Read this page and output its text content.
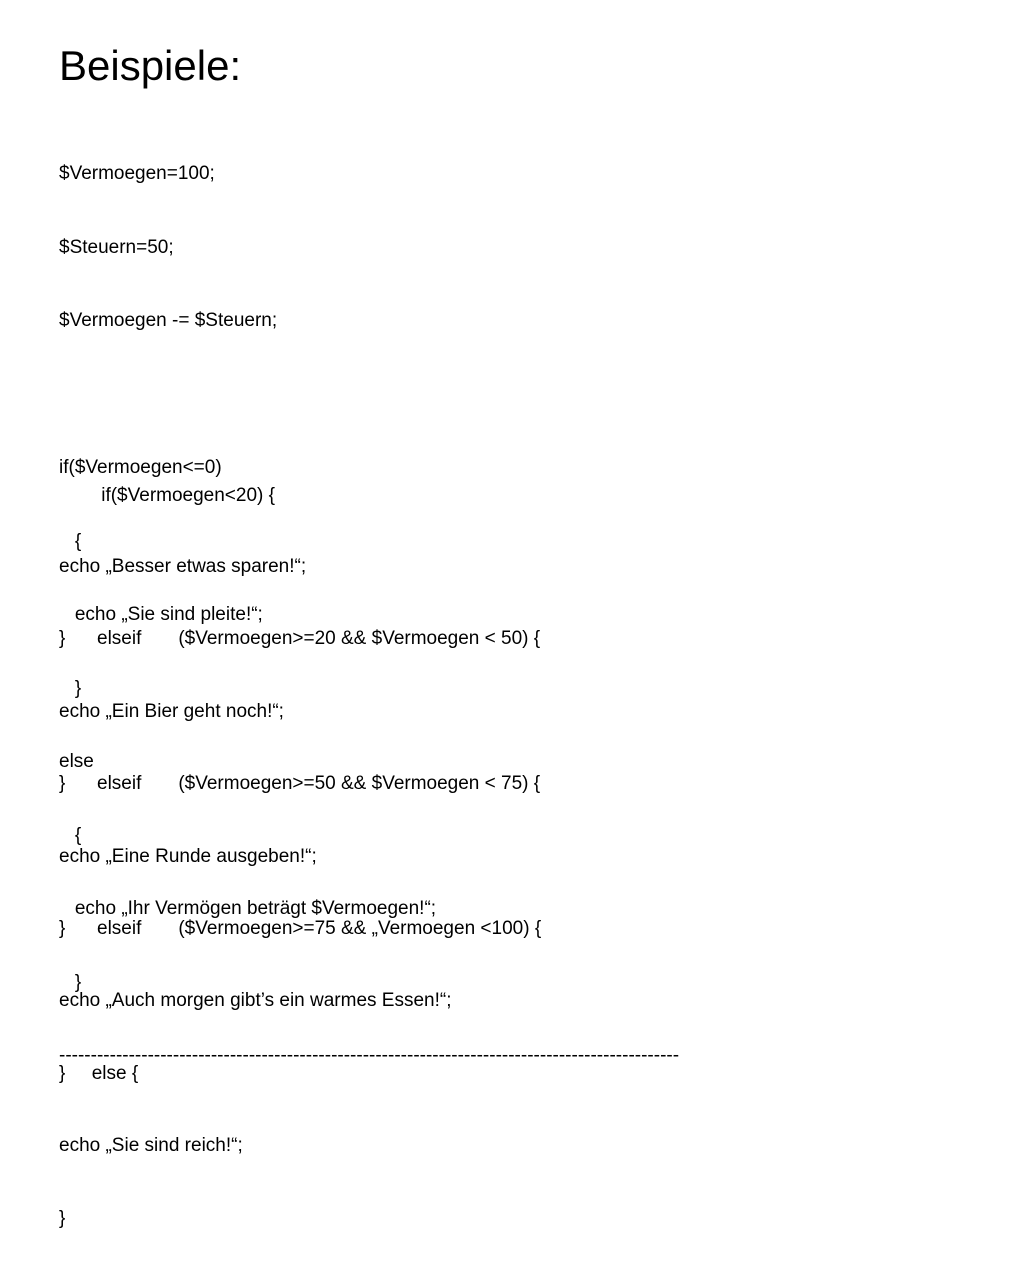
Beispiele:

$Vermoegen=100;

$Steuern=50;

$Vermoegen -= $Steuern;

if($Vermoegen<=0)

{

echo „Sie sind pleite!“;

}

else

{

echo „Ihr Vermögen beträgt $Vermoegen!“;

}

--------------------------------------------------------------------------------------------------

if($Vermoegen<20) {

echo „Besser etwas sparen!“;

}      elseif       ($Vermoegen>=20 && $Vermoegen < 50) {

echo „Ein Bier geht noch!“;

}      elseif       ($Vermoegen>=50 && $Vermoegen < 75) {

echo „Eine Runde ausgeben!“;

}      elseif       ($Vermoegen>=75 && „Vermoegen <100) {

echo „Auch morgen gibt’s ein warmes Essen!“;

}     else {

echo „Sie sind reich!“;

}
